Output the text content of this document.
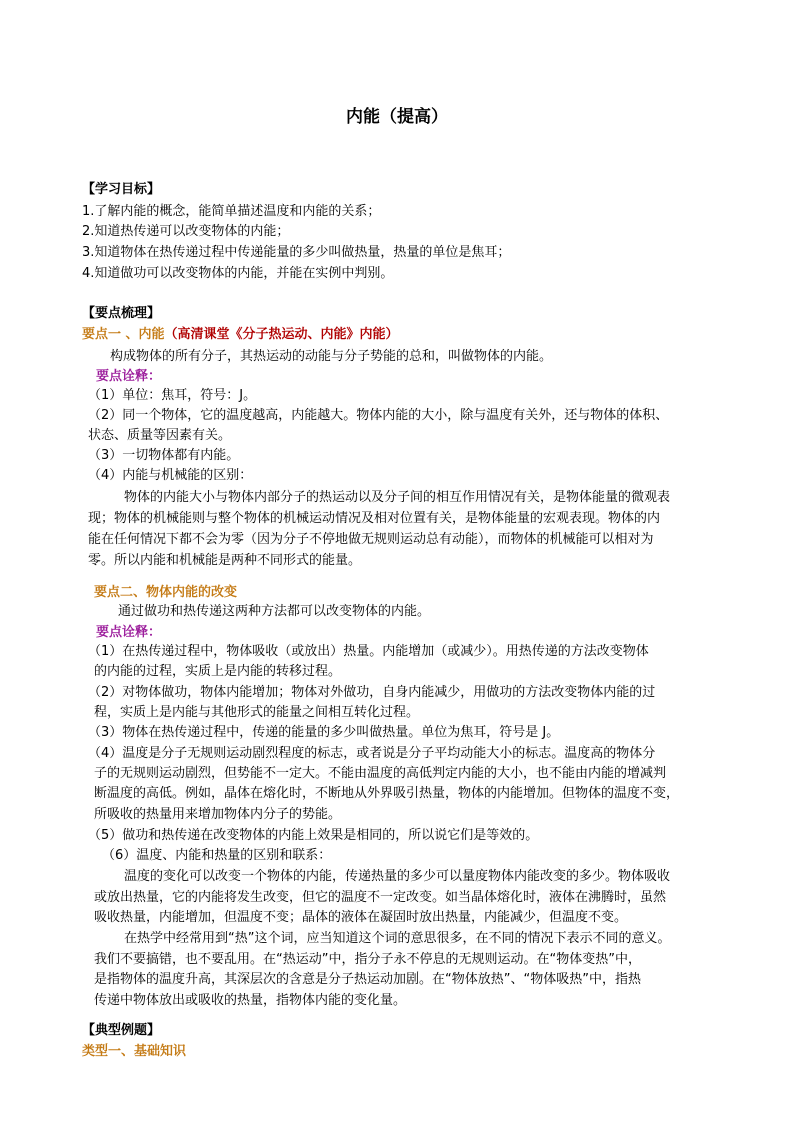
内能（提高）
【学习目标】
1.了解内能的概念，能简单描述温度和内能的关系；
2.知道热传递可以改变物体的内能；
3.知道物体在热传递过程中传递能量的多少叫做热量，热量的单位是焦耳；
4.知道做功可以改变物体的内能，并能在实例中判别。
【要点梳理】
要点一 、内能（高清课堂《分子热运动、内能》内能）
构成物体的所有分子，其热运动的动能与分子势能的总和，叫做物体的内能。
要点诠释：
（1）单位：焦耳，符号：J。
（2）同一个物体，它的温度越高，内能越大。物体内能的大小，除与温度有关外，还与物体的体积、
状态、质量等因素有关。
（3）一切物体都有内能。
（4）内能与机械能的区别：
物体的内能大小与物体内部分子的热运动以及分子间的相互作用情况有关，是物体能量的微观表
现；物体的机械能则与整个物体的机械运动情况及相对位置有关，是物体能量的宏观表现。物体的内
能在任何情况下都不会为零（因为分子不停地做无规则运动总有动能），而物体的机械能可以相对为
零。所以内能和机械能是两种不同形式的能量。
要点二、物体内能的改变
通过做功和热传递这两种方法都可以改变物体的内能。
要点诠释：
（1）在热传递过程中，物体吸收（或放出）热量。内能增加（或减少）。用热传递的方法改变物体
的内能的过程，实质上是内能的转移过程。
（2）对物体做功，物体内能增加；物体对外做功，自身内能减少，用做功的方法改变物体内能的过
程，实质上是内能与其他形式的能量之间相互转化过程。
（3）物体在热传递过程中，传递的能量的多少叫做热量。单位为焦耳，符号是 J。
（4）温度是分子无规则运动剧烈程度的标志，或者说是分子平均动能大小的标志。温度高的物体分
子的无规则运动剧烈，但势能不一定大。不能由温度的高低判定内能的大小，也不能由内能的增减判
断温度的高低。例如，晶体在熔化时，不断地从外界吸引热量，物体的内能增加。但物体的温度不变，
所吸收的热量用来增加物体内分子的势能。
（5）做功和热传递在改变物体的内能上效果是相同的，所以说它们是等效的。
（6）温度、内能和热量的区别和联系：
温度的变化可以改变一个物体的内能，传递热量的多少可以量度物体内能改变的多少。物体吸收
或放出热量，它的内能将发生改变，但它的温度不一定改变。如当晶体熔化时，液体在沸腾时，虽然
吸收热量，内能增加，但温度不变；晶体的液体在凝固时放出热量，内能减少，但温度不变。
在热学中经常用到“热”这个词，应当知道这个词的意思很多，在不同的情况下表示不同的意义。
我们不要搞错，也不要乱用。在“热运动”中，指分子永不停息的无规则运动。在“物体变热”中，
是指物体的温度升高，其深层次的含意是分子热运动加剧。在“物体放热”、“物体吸热”中，指热
传递中物体放出或吸收的热量，指物体内能的变化量。
【典型例题】
类型一、基础知识
